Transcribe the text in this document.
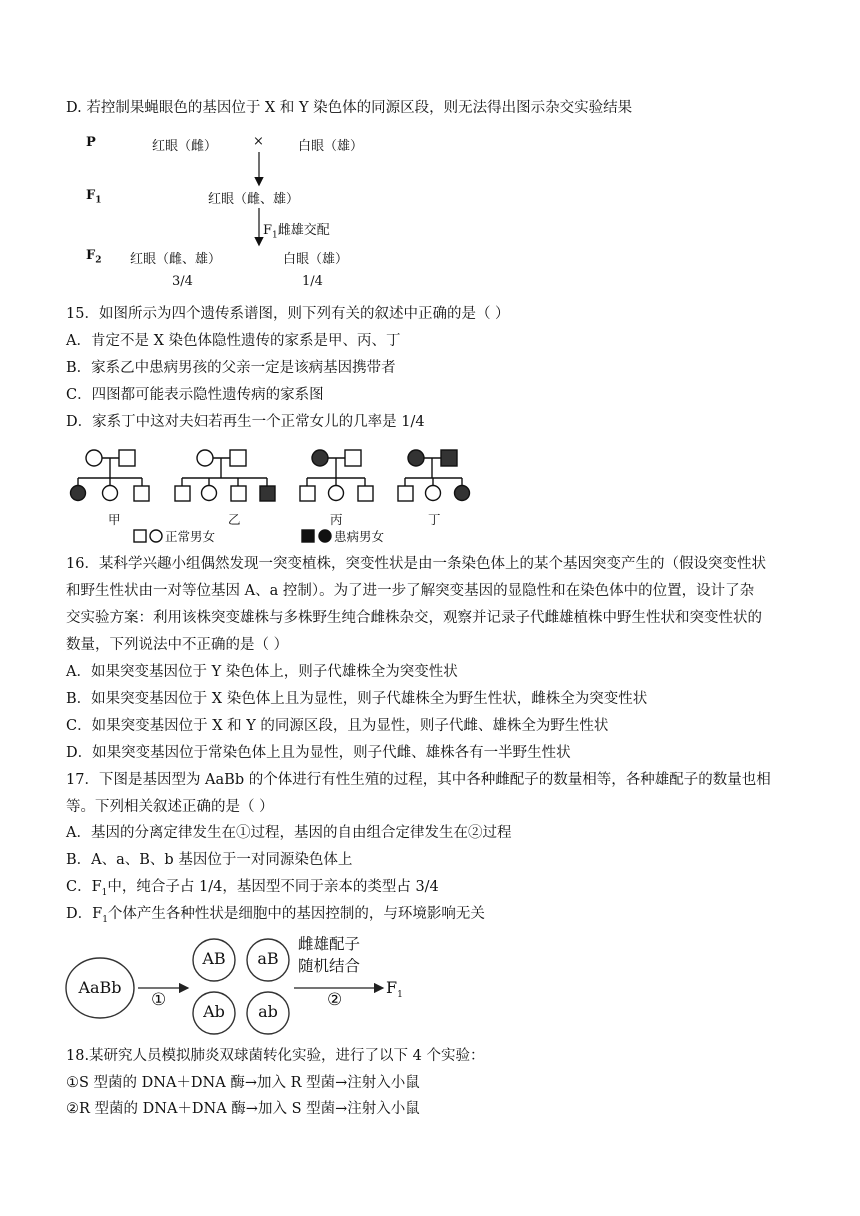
D. 若控制果蝇眼色的基因位于 X 和 Y 染色体的同源区段，则无法得出图示杂交实验结果
P	红眼（雌）	×	白眼（雄）
$F_1$	红眼（雌、雄）
$F_1$雌雄交配
$F_2$ 红眼（雌、雄）	白眼（雄）
3/4	1/4
15．如图所示为四个遗传系谱图，则下列有关的叙述中正确的是（ ）
A．肯定不是 X 染色体隐性遗传的家系是甲、丙、丁
B．家系乙中患病男孩的父亲一定是该病基因携带者
C．四图都可能表示隐性遗传病的家系图
D．家系丁中这对夫妇若再生一个正常女儿的几率是 1/4
甲	乙	丙	丁
正常男女	患病男女
16．某科学兴趣小组偶然发现一突变植株，突变性状是由一条染色体上的某个基因突变产生的（假设突变性状
和野生性状由一对等位基因 A、a 控制）。为了进一步了解突变基因的显隐性和在染色体中的位置，设计了杂
交实验方案：利用该株突变雄株与多株野生纯合雌株杂交，观察并记录子代雌雄植株中野生性状和突变性状的
数量，下列说法中不正确的是（ ）
A．如果突变基因位于 Y 染色体上，则子代雄株全为突变性状
B．如果突变基因位于 X 染色体上且为显性，则子代雄株全为野生性状，雌株全为突变性状
C．如果突变基因位于 X 和 Y 的同源区段，且为显性，则子代雌、雄株全为野生性状
D．如果突变基因位于常染色体上且为显性，则子代雌、雄株各有一半野生性状
17．下图是基因型为 AaBb 的个体进行有性生殖的过程，其中各种雌配子的数量相等，各种雄配子的数量也相
等。下列相关叙述正确的是（ ）
A．基因的分离定律发生在①过程，基因的自由组合定律发生在②过程
B．A、a、B、b 基因位于一对同源染色体上
C．$F_1$中，纯合子占 1/4，基因型不同于亲本的类型占 3/4
D．$F_1$个体产生各种性状是细胞中的基因控制的，与环境影响无关
AaBb
AB	aB
Ab	ab
①	②
雌雄配子
随机结合
$F_1$
18.某研究人员模拟肺炎双球菌转化实验，进行了以下 4 个实验：
①S 型菌的 DNA＋DNA 酶→加入 R 型菌→注射入小鼠
②R 型菌的 DNA＋DNA 酶→加入 S 型菌→注射入小鼠
